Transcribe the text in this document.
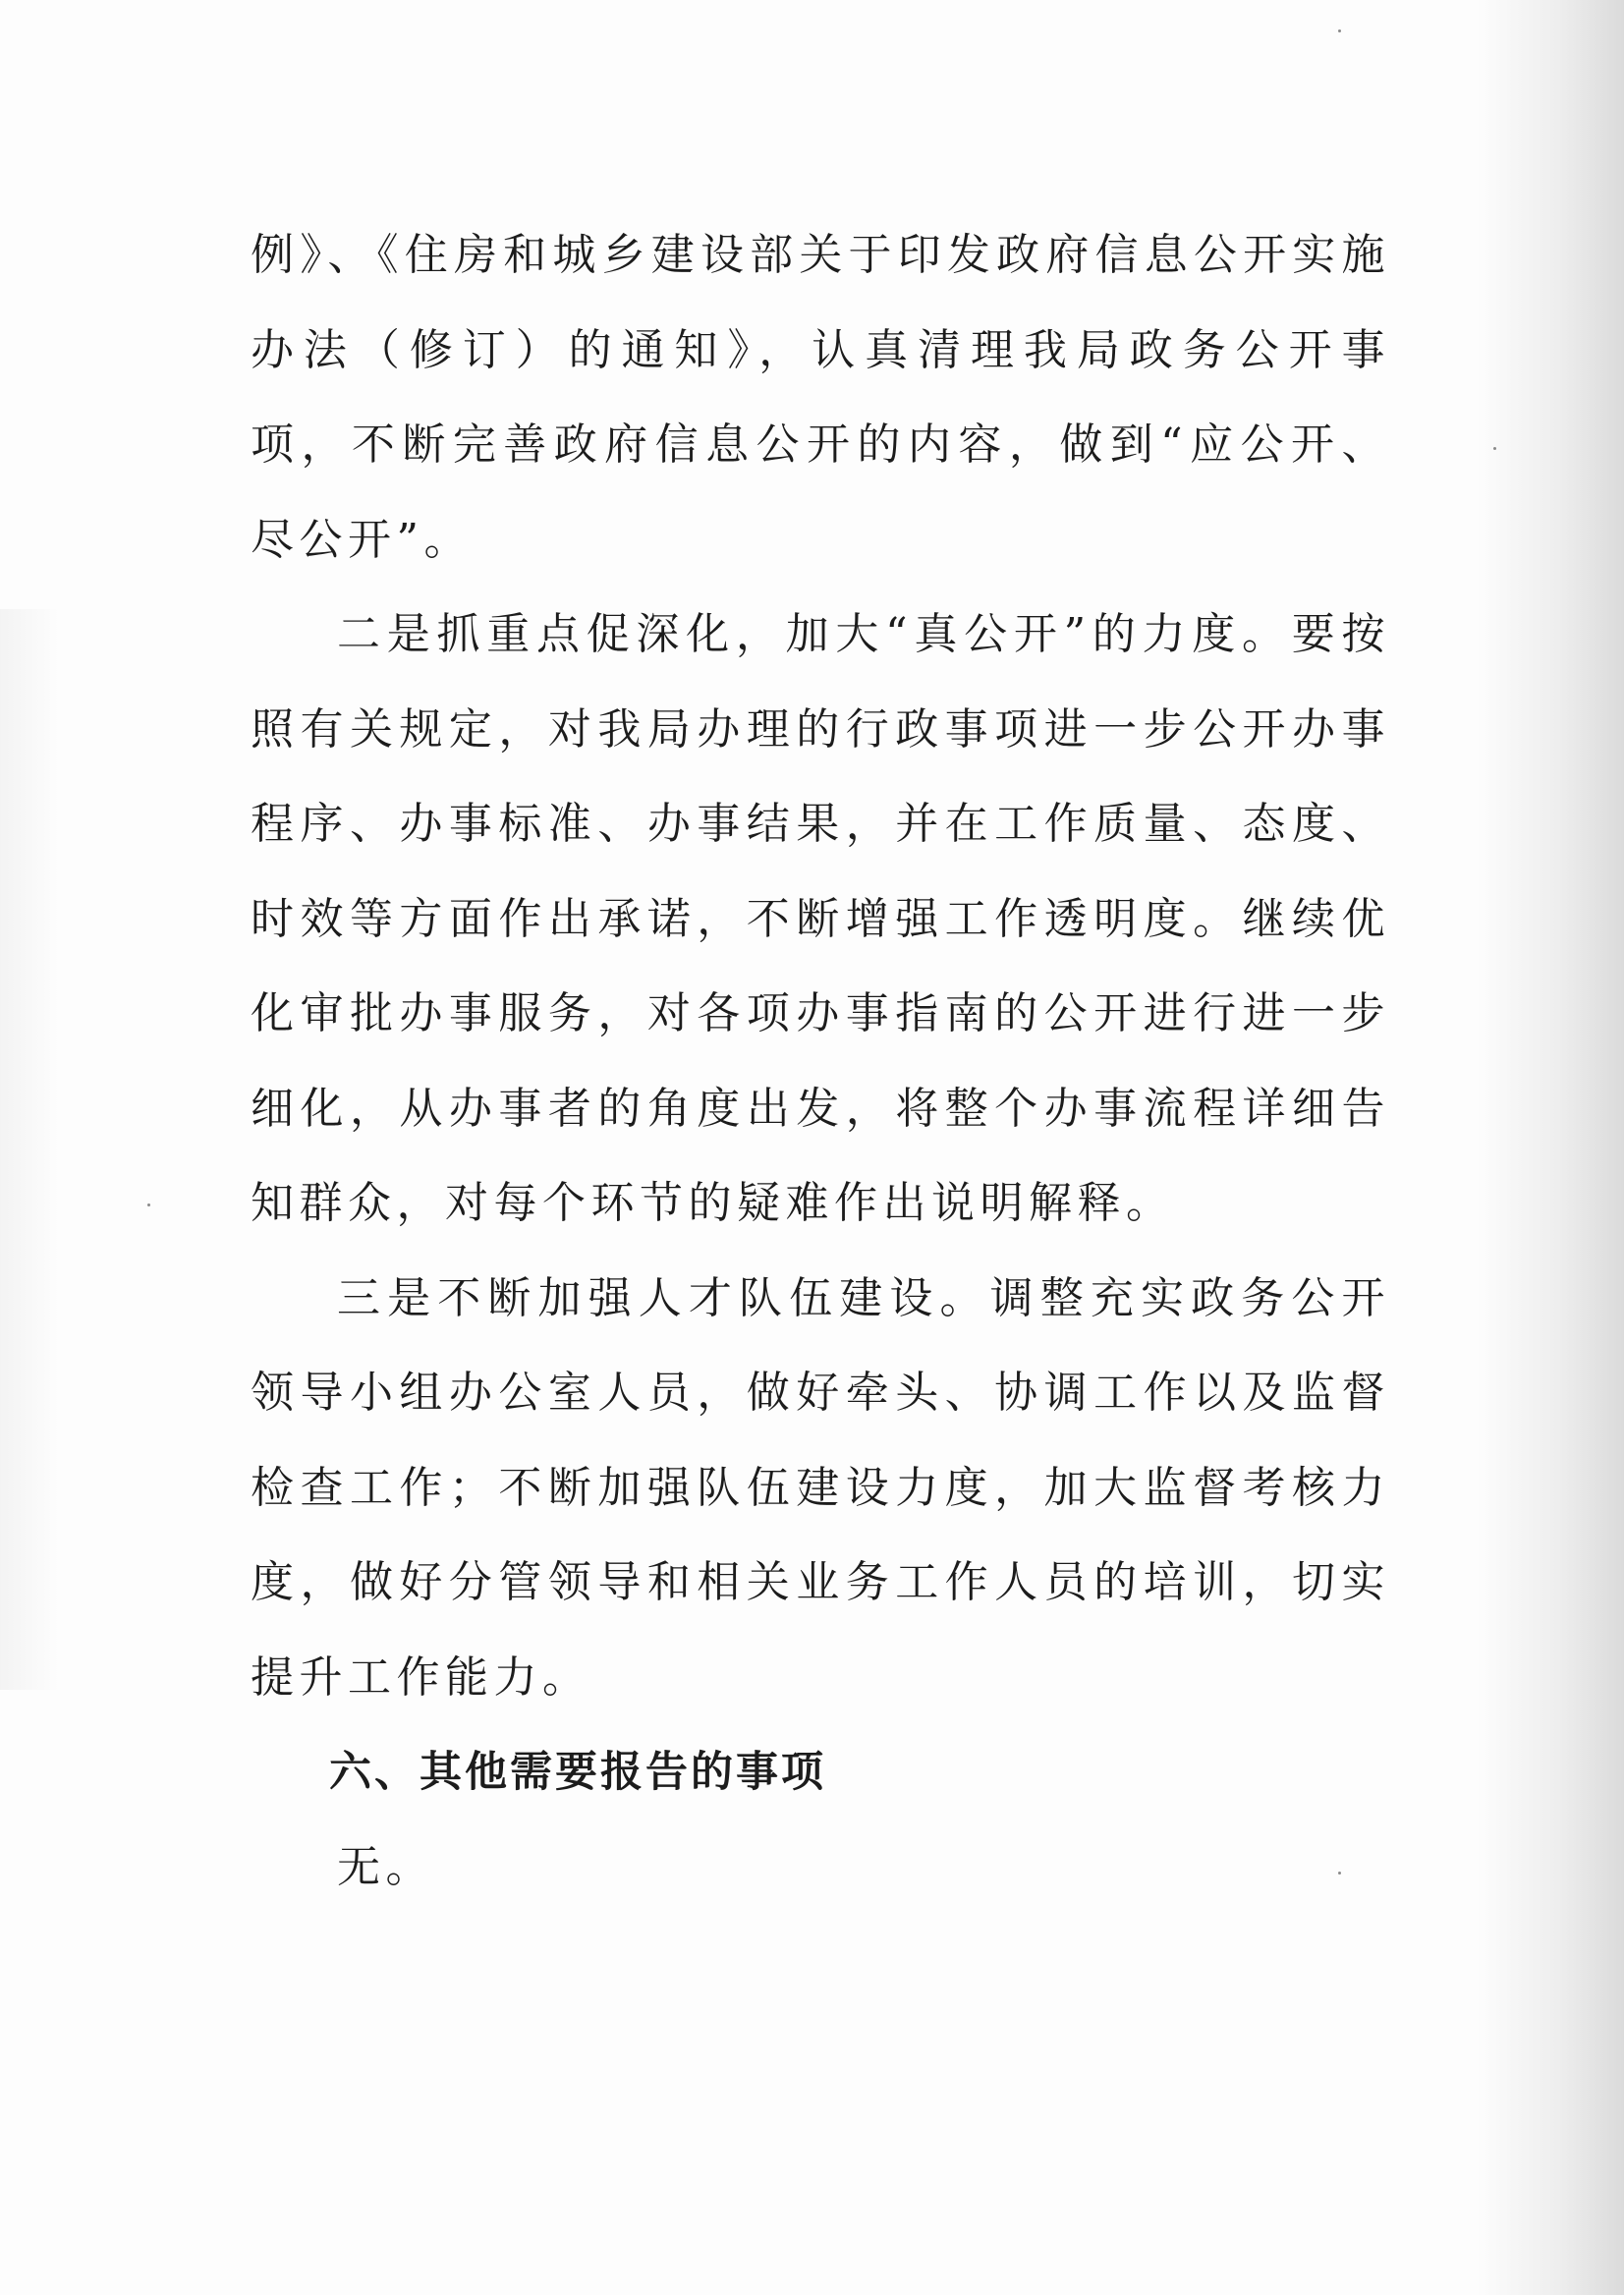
例》、《住房和城乡建设部关于印发政府信息公开实施办法（修订）的通知》，认真清理我局政务公开事项，不断完善政府信息公开的内容，做到“应公开、尽公开”。

二是抓重点促深化，加大“真公开”的力度。要按照有关规定，对我局办理的行政事项进一步公开办事程序、办事标准、办事结果，并在工作质量、态度、时效等方面作出承诺，不断增强工作透明度。继续优化审批办事服务，对各项办事指南的公开进行进一步细化，从办事者的角度出发，将整个办事流程详细告知群众，对每个环节的疑难作出说明解释。

三是不断加强人才队伍建设。调整充实政务公开领导小组办公室人员，做好牵头、协调工作以及监督检查工作；不断加强队伍建设力度，加大监督考核力度，做好分管领导和相关业务工作人员的培训，切实提升工作能力。

六、其他需要报告的事项

无。
